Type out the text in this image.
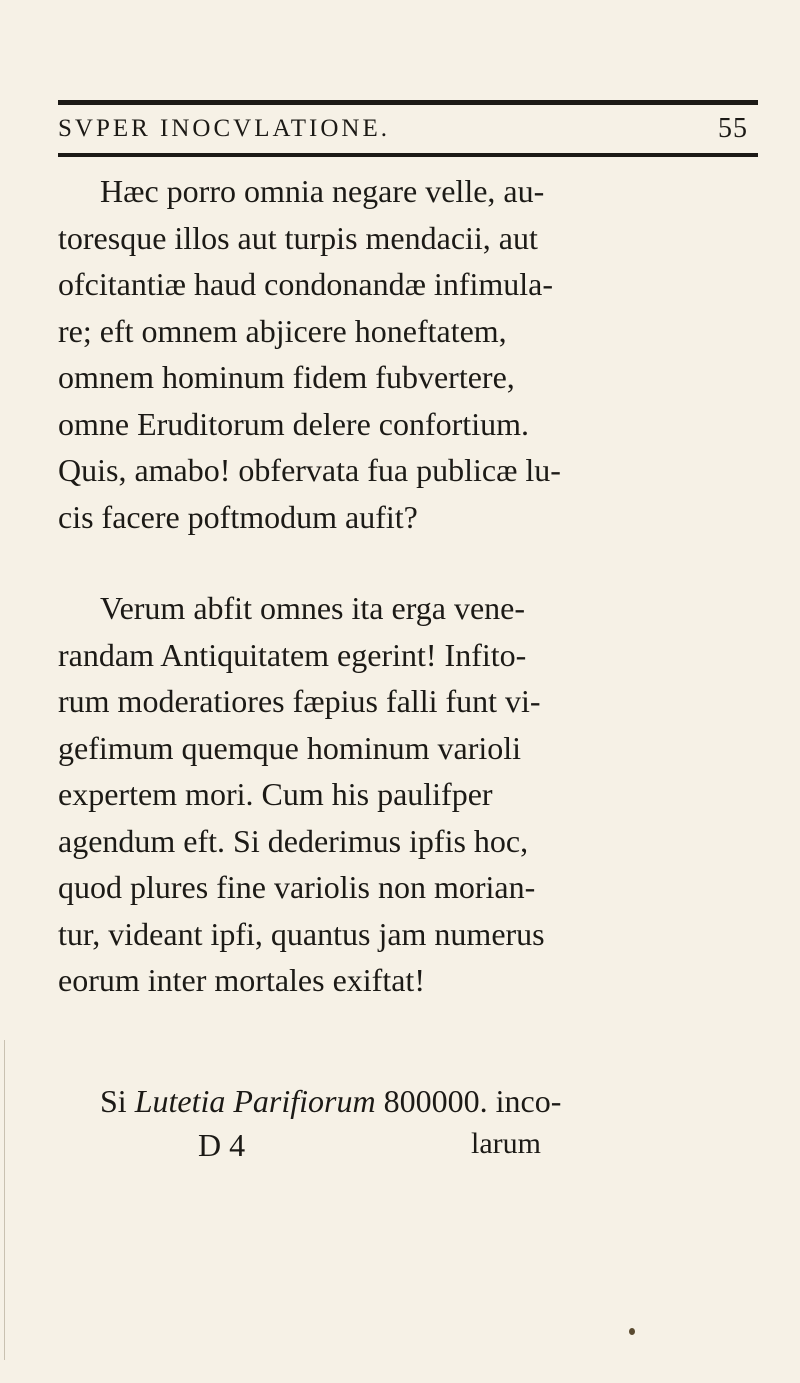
SVPER INOCVLATIONE.	55
Hæc porro omnia negare velle, au-
toresque illos aut turpis mendacii, aut
ofcitantiæ haud condonandæ infimula-
re; eft omnem abjicere honeftatem,
omnem hominum fidem fubvertere,
omne Eruditorum delere confortium.
Quis, amabo! obfervata fua publicæ lu-
cis facere poftmodum aufit?
Verum abfit omnes ita erga vene-
randam Antiquitatem egerint! Infito-
rum moderatiores fæpius falli funt vi-
gefimum quemque hominum varioli
expertem mori. Cum his paulifper
agendum eft. Si dederimus ipfis hoc,
quod plures fine variolis non morian-
tur, videant ipfi, quantus jam numerus
eorum inter mortales exiftat!
Si Lutetia Parifiorum 800000. inco-
D 4	larum
